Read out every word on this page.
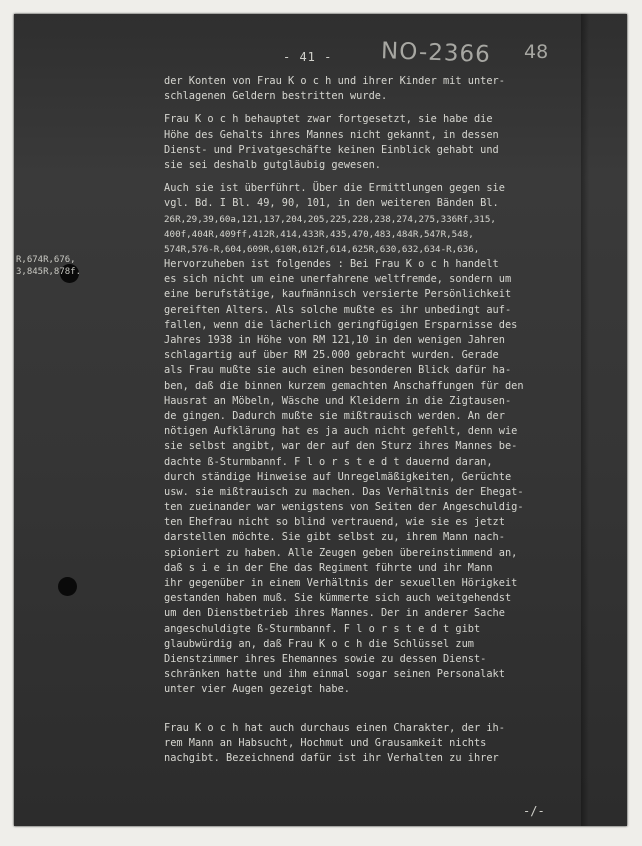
- 41 - NO-2366 48
R,674R,676,
3,845R,878f.

der Konten von Frau K o c h und ihrer Kinder mit unter-
schlagenen Geldern bestritten wurde.

Frau K o c h behauptet zwar fortgesetzt, sie habe die
Höhe des Gehalts ihres Mannes nicht gekannt, in dessen
Dienst- und Privatgeschäfte keinen Einblick gehabt und
sie sei deshalb gutgläubig gewesen.

Auch sie ist überführt. Über die Ermittlungen gegen sie
vgl. Bd. I Bl. 49, 90, 101, in den weiteren Bänden Bl.
26R,29,39,60a,121,137,204,205,225,228,238,274,275,336Rf,315,
400f,404R,409ff,412R,414,433R,435,470,483,484R,547R,548,
574R,576-R,604,609R,610R,612f,614,625R,630,632,634-R,636,
Hervorzuheben ist folgendes : Bei Frau K o c h handelt
es sich nicht um eine unerfahrene weltfremde, sondern um
eine berufstätige, kaufmännisch versierte Persönlichkeit
gereiften Alters. Als solche mußte es ihr unbedingt auf-
fallen, wenn die lächerlich geringfügigen Ersparnisse des
Jahres 1938 in Höhe von RM 121,10 in den wenigen Jahren
schlagartig auf über RM 25.000 gebracht wurden. Gerade
als Frau mußte sie auch einen besonderen Blick dafür ha-
ben, daß die binnen kurzem gemachten Anschaffungen für den
Hausrat an Möbeln, Wäsche und Kleidern in die Zigtausen-
de gingen. Dadurch mußte sie mißtrauisch werden. An der
nötigen Aufklärung hat es ja auch nicht gefehlt, denn wie
sie selbst angibt, war der auf den Sturz ihres Mannes be-
dachte ß-Sturmbannf. F l o r s t e d t dauernd daran,
durch ständige Hinweise auf Unregelmäßigkeiten, Gerüchte
usw. sie mißtrauisch zu machen. Das Verhältnis der Ehegat-
ten zueinander war wenigstens von Seiten der Angeschuldig-
ten Ehefrau nicht so blind vertrauend, wie sie es jetzt
darstellen möchte. Sie gibt selbst zu, ihrem Mann nach-
spioniert zu haben. Alle Zeugen geben übereinstimmend an,
daß s i e in der Ehe das Regiment führte und ihr Mann
ihr gegenüber in einem Verhältnis der sexuellen Hörigkeit
gestanden haben muß. Sie kümmerte sich auch weitgehendst
um den Dienstbetrieb ihres Mannes. Der in anderer Sache
angeschuldigte ß-Sturmbannf. F l o r s t e d t gibt
glaubwürdig an, daß Frau K o c h die Schlüssel zum
Dienstzimmer ihres Ehemannes sowie zu dessen Dienst-
schränken hatte und ihm einmal sogar seinen Personalakt
unter vier Augen gezeigt habe.

Frau K o c h hat auch durchaus einen Charakter, der ih-
rem Mann an Habsucht, Hochmut und Grausamkeit nichts
nachgibt. Bezeichnend dafür ist ihr Verhalten zu ihrer

-/-
